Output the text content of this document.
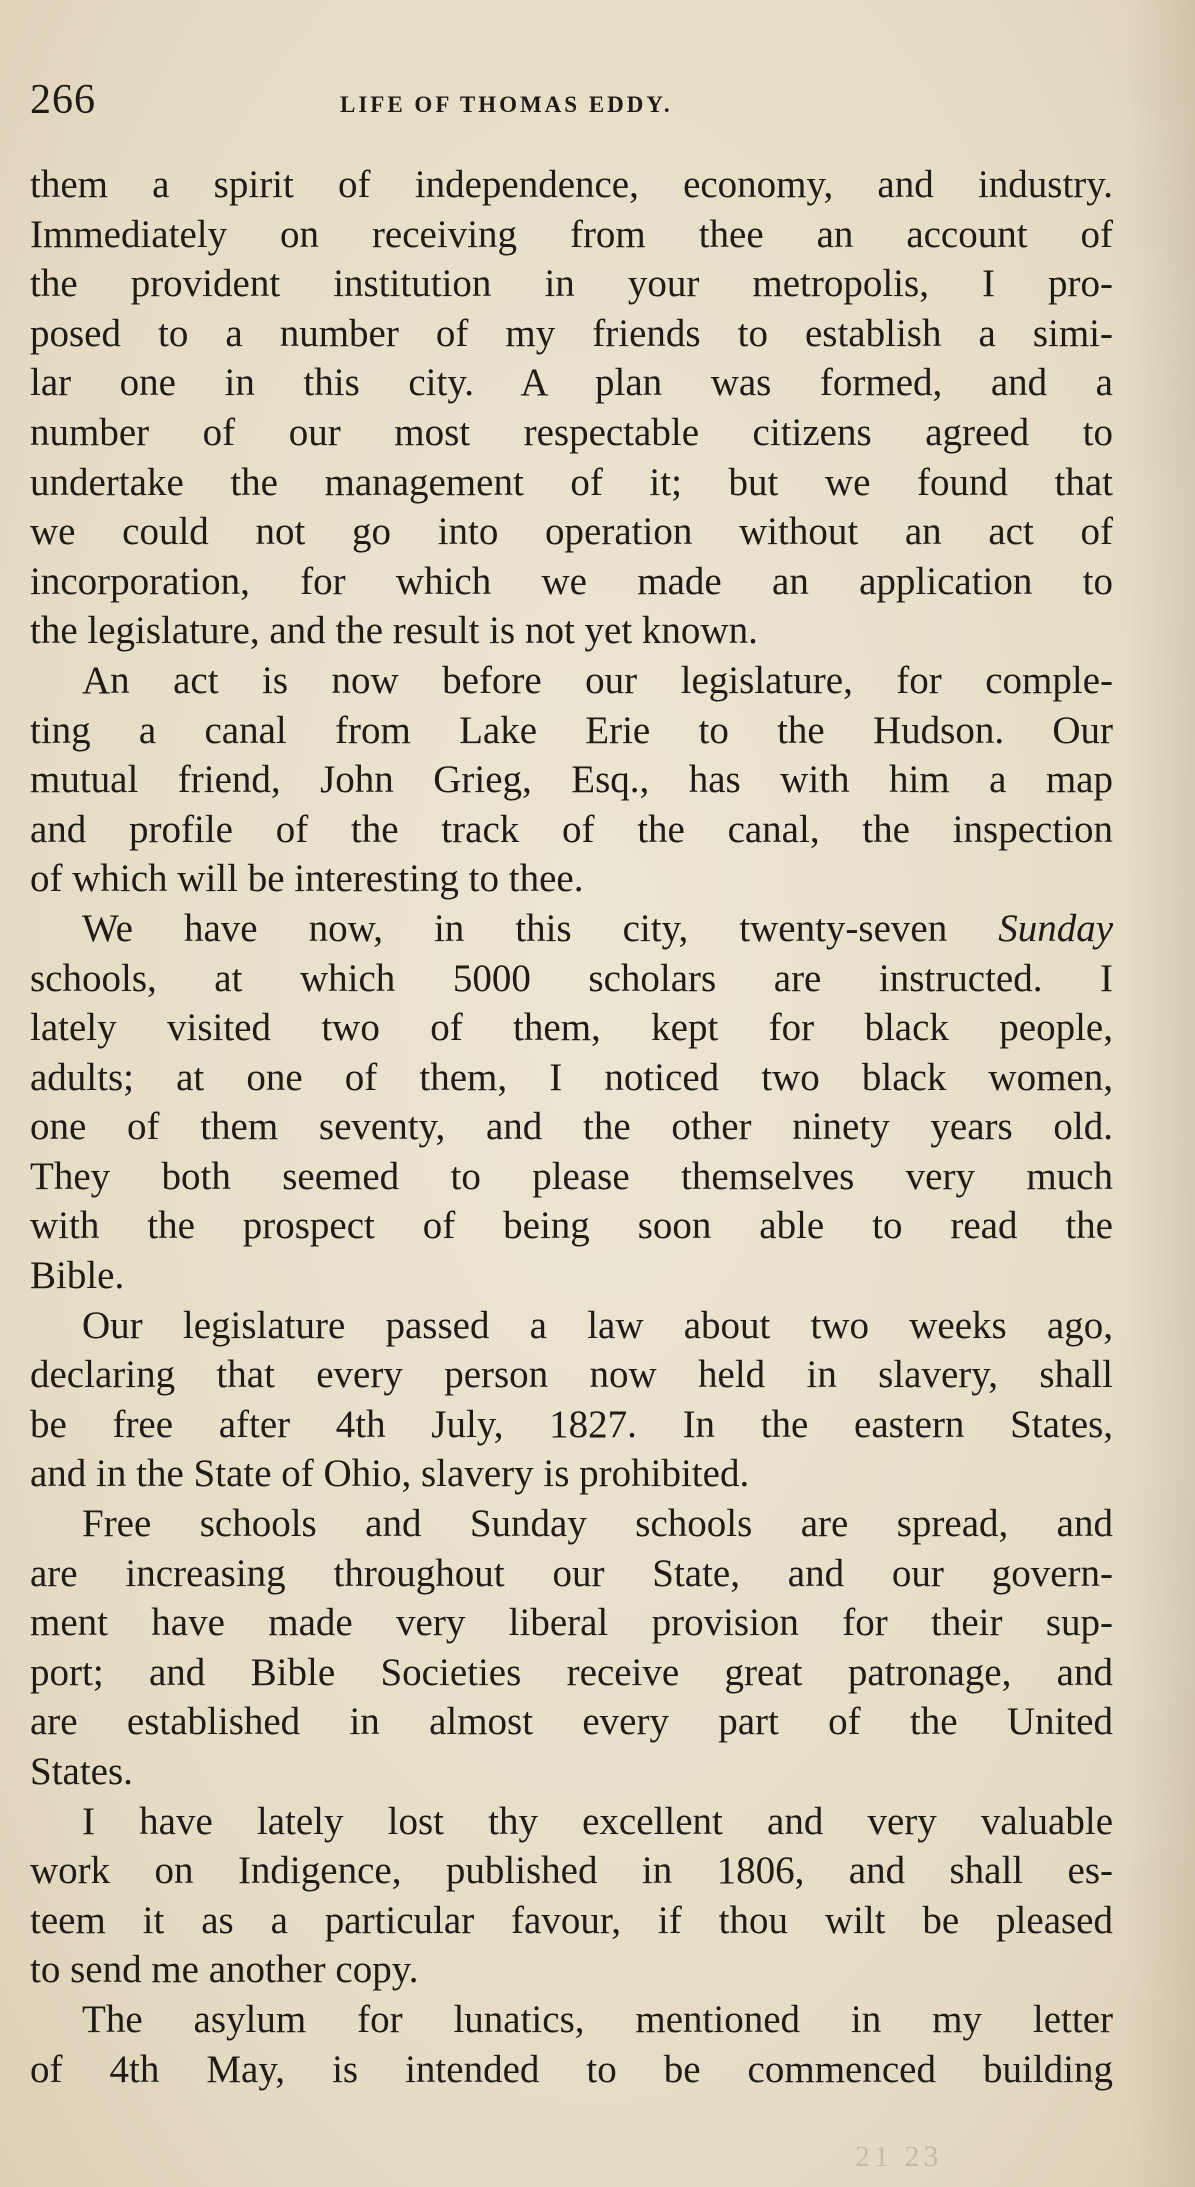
266	LIFE OF THOMAS EDDY.
them a spirit of independence, economy, and industry.
Immediately on receiving from thee an account of
the provident institution in your metropolis, I pro-
posed to a number of my friends to establish a simi-
lar one in this city. A plan was formed, and a
number of our most respectable citizens agreed to
undertake the management of it; but we found that
we could not go into operation without an act of
incorporation, for which we made an application to
the legislature, and the result is not yet known.
An act is now before our legislature, for comple-
ting a canal from Lake Erie to the Hudson. Our
mutual friend, John Grieg, Esq., has with him a map
and profile of the track of the canal, the inspection
of which will be interesting to thee.
We have now, in this city, twenty-seven Sunday
schools, at which 5000 scholars are instructed. I
lately visited two of them, kept for black people,
adults; at one of them, I noticed two black women,
one of them seventy, and the other ninety years old.
They both seemed to please themselves very much
with the prospect of being soon able to read the
Bible.
Our legislature passed a law about two weeks ago,
declaring that every person now held in slavery, shall
be free after 4th July, 1827. In the eastern States,
and in the State of Ohio, slavery is prohibited.
Free schools and Sunday schools are spread, and
are increasing throughout our State, and our govern-
ment have made very liberal provision for their sup-
port; and Bible Societies receive great patronage, and
are established in almost every part of the United
States.
I have lately lost thy excellent and very valuable
work on Indigence, published in 1806, and shall es-
teem it as a particular favour, if thou wilt be pleased
to send me another copy.
The asylum for lunatics, mentioned in my letter
of 4th May, is intended to be commenced building
21 23
